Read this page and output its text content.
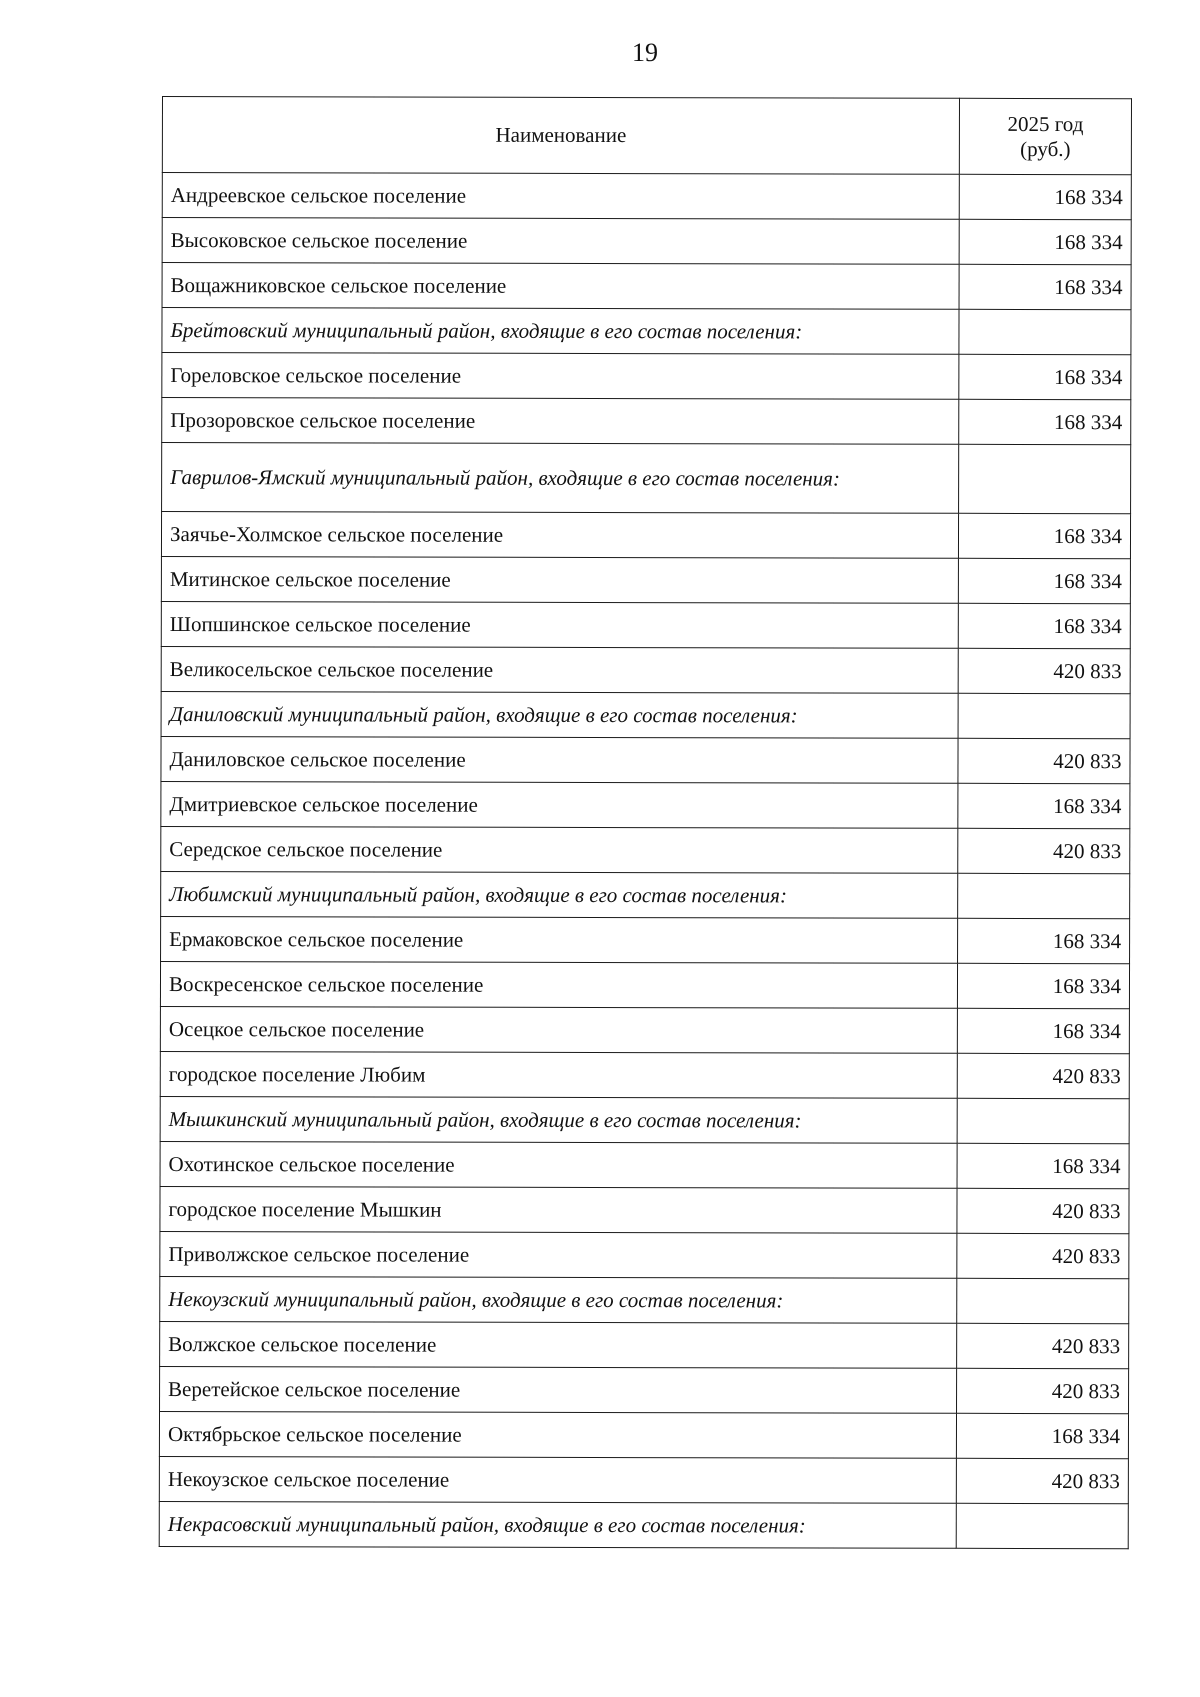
19
Наименование	2025 год
(руб.)

Андреевское сельское поселение	168 334
Высоковское сельское поселение	168 334
Вощажниковское сельское поселение	168 334
Брейтовский муниципальный район, входящие в его состав поселения:	
Гореловское сельское поселение	168 334
Прозоровское сельское поселение	168 334
Гаврилов-Ямский муниципальный район, входящие в его состав поселения:	
Заячье-Холмское сельское поселение	168 334
Митинское сельское поселение	168 334
Шопшинское сельское поселение	168 334
Великосельское сельское поселение	420 833
Даниловский муниципальный район, входящие в его состав поселения:	
Даниловское сельское поселение	420 833
Дмитриевское сельское поселение	168 334
Середское сельское поселение	420 833
Любимский муниципальный район, входящие в его состав поселения:	
Ермаковское сельское поселение	168 334
Воскресенское сельское поселение	168 334
Осецкое сельское поселение	168 334
городское поселение Любим	420 833
Мышкинский муниципальный район, входящие в его состав поселения:	
Охотинское сельское поселение	168 334
городское поселение Мышкин	420 833
Приволжское сельское поселение	420 833
Некоузский муниципальный район, входящие в его состав поселения:	
Волжское сельское поселение	420 833
Веретейское сельское поселение	420 833
Октябрьское сельское поселение	168 334
Некоузское сельское поселение	420 833
Некрасовский муниципальный район, входящие в его состав поселения:	
